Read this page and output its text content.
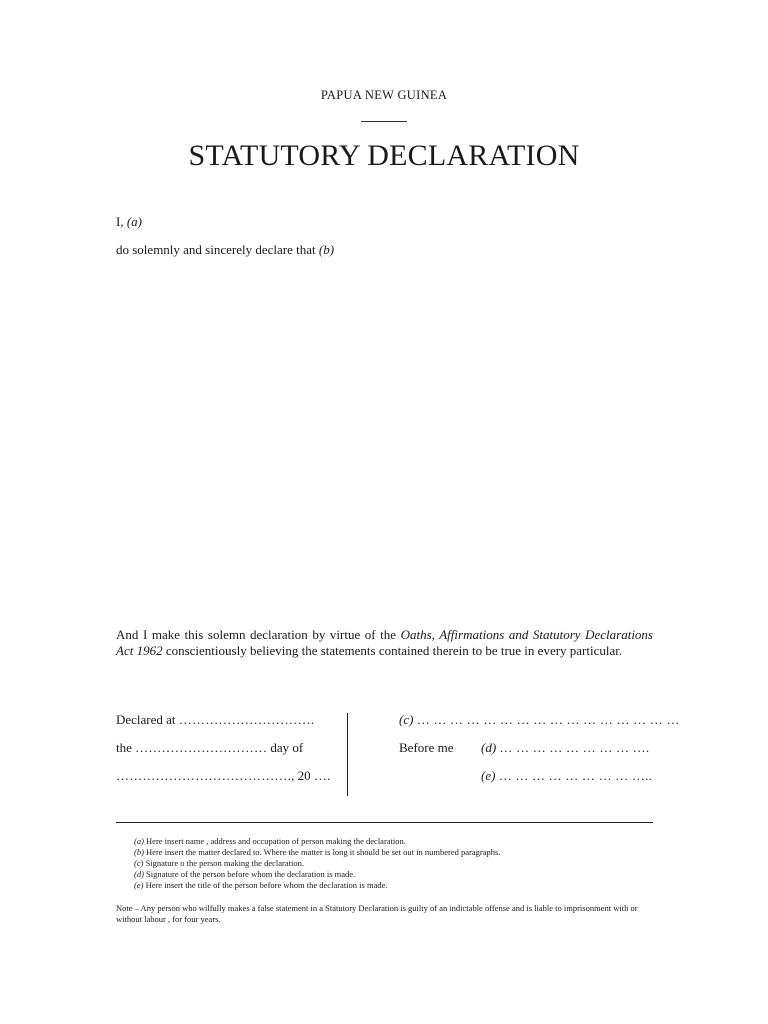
PAPUA NEW GUINEA
STATUTORY DECLARATION
I, (a)
do solemnly and sincerely declare that (b)
And I make this solemn declaration by virtue of the Oaths, Affirmations and Statutory Declarations Act 1962 conscientiously believing the statements contained therein to be true in every particular.
Declared at ………………………….
the ………………………… day of
…………………………………., 20 ….
(c) … … … … … … … … … … … … … … … …
Before me (d) … … … … … … … … ….
(e) … … … … … … … … …..
(a) Here insert name , address and occupation of person making the declaration.
(b) Here insert the matter declared to. Where the matter is long it should be set out in numbered paragraphs.
(c) Signature o the person making the declaration.
(d) Signature of the person before whom the declaration is made.
(e) Here insert the title of the person before whom the declaration is made.
Note – Any person who wilfully makes a false statement in a Statutory Declaration is guilty of an indictable offense and is liable to imprisonment with or without labour , for four years.
